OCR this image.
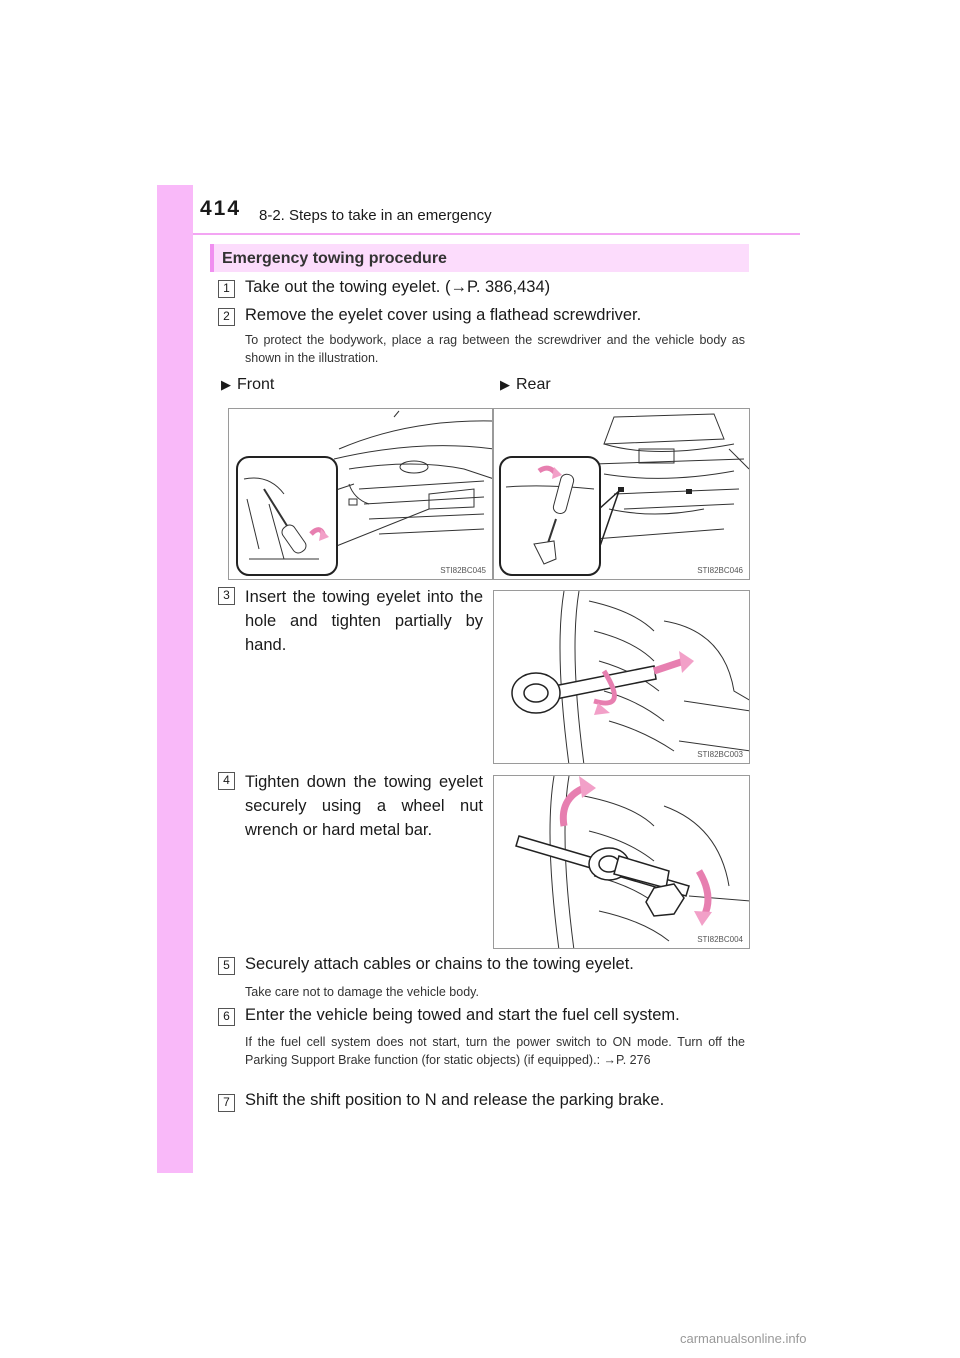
414 8-2. Steps to take in an emergency
Emergency towing procedure
1 Take out the towing eyelet. (→P. 386,434)
2 Remove the eyelet cover using a flathead screwdriver.
To protect the bodywork, place a rag between the screwdriver and the vehicle body as shown in the illustration.
▶ Front	▶ Rear
STI82BC045	STI82BC046
3 Insert the towing eyelet into the hole and tighten partially by hand.
STI82BC003
4 Tighten down the towing eyelet securely using a wheel nut wrench or hard metal bar.
STI82BC004
5 Securely attach cables or chains to the towing eyelet.
Take care not to damage the vehicle body.
6 Enter the vehicle being towed and start the fuel cell system.
If the fuel cell system does not start, turn the power switch to ON mode. Turn off the Parking Support Brake function (for static objects) (if equipped).: →P. 276
7 Shift the shift position to N and release the parking brake.
carmanualsonline.info
